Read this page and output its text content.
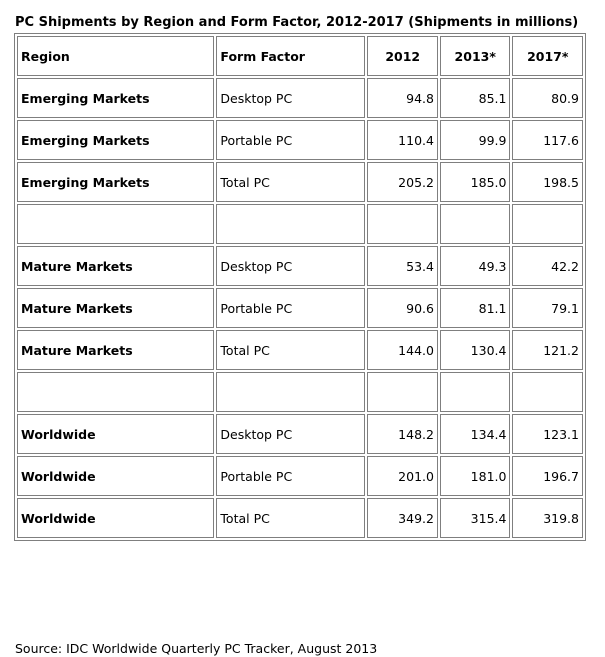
PC Shipments by Region and Form Factor, 2012-2017 (Shipments in millions)
Region	Form Factor	2012	2013*	2017*
Emerging Markets	Desktop PC	94.8	85.1	80.9
Emerging Markets	Portable PC	110.4	99.9	117.6
Emerging Markets	Total PC	205.2	185.0	198.5

Mature Markets	Desktop PC	53.4	49.3	42.2
Mature Markets	Portable PC	90.6	81.1	79.1
Mature Markets	Total PC	144.0	130.4	121.2

Worldwide	Desktop PC	148.2	134.4	123.1
Worldwide	Portable PC	201.0	181.0	196.7
Worldwide	Total PC	349.2	315.4	319.8
Source: IDC Worldwide Quarterly PC Tracker, August 2013
